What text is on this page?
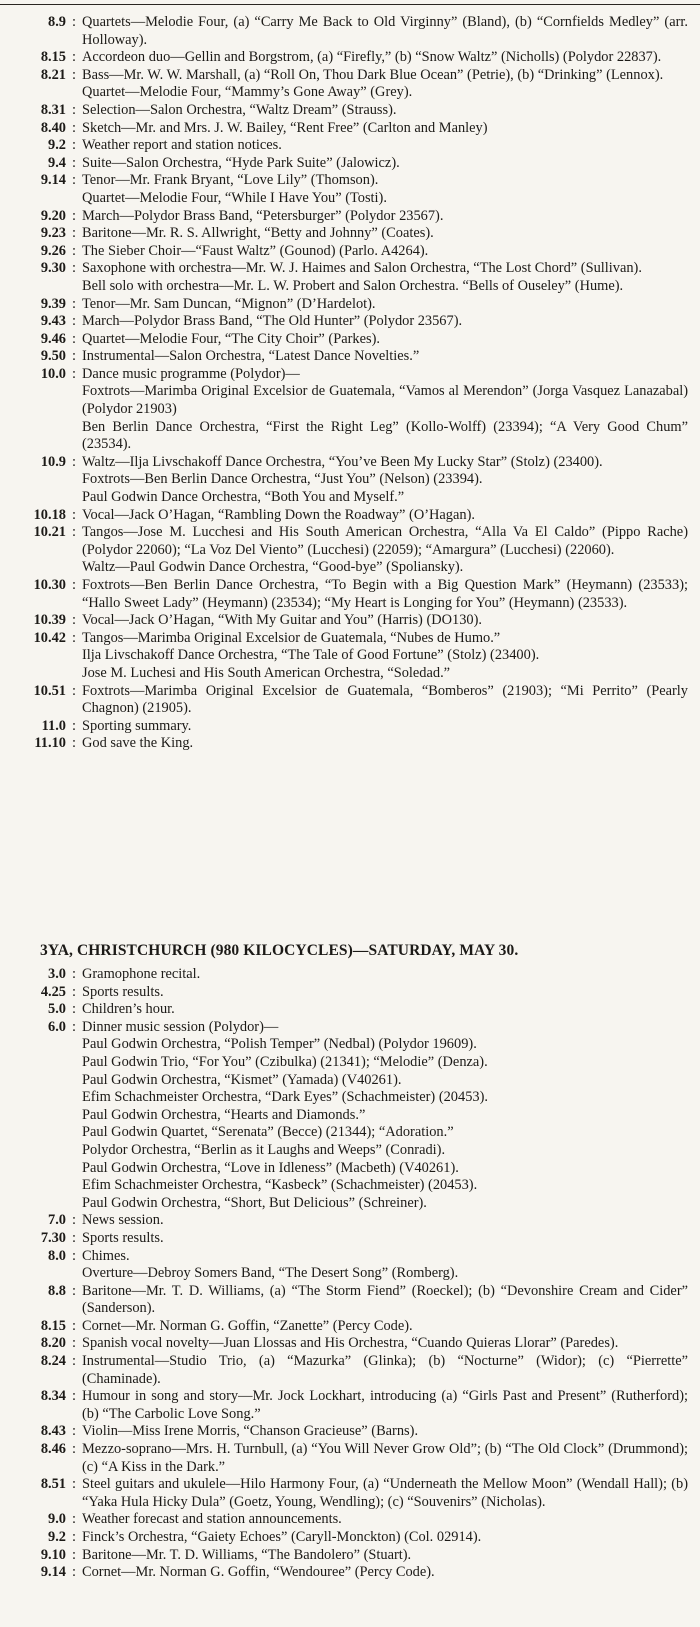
8.9 : Quartets—Melodie Four, (a) “Carry Me Back to Old Virginny” (Bland), (b) “Cornfields Medley” (arr. Holloway).
8.15 : Accordeon duo—Gellin and Borgstrom, (a) “Firefly,” (b) “Snow Waltz” (Nicholls) (Polydor 22837).
8.21 : Bass—Mr. W. W. Marshall, (a) “Roll On, Thou Dark Blue Ocean” (Petrie), (b) “Drinking” (Lennox).
Quartet—Melodie Four, “Mammy’s Gone Away” (Grey).
8.31 : Selection—Salon Orchestra, “Waltz Dream” (Strauss).
8.40 : Sketch—Mr. and Mrs. J. W. Bailey, “Rent Free” (Carlton and Manley)
9.2 : Weather report and station notices.
9.4 : Suite—Salon Orchestra, “Hyde Park Suite” (Jalowicz).
9.14 : Tenor—Mr. Frank Bryant, “Love Lily” (Thomson).
Quartet—Melodie Four, “While I Have You” (Tosti).
9.20 : March—Polydor Brass Band, “Petersburger” (Polydor 23567).
9.23 : Baritone—Mr. R. S. Allwright, “Betty and Johnny” (Coates).
9.26 : The Sieber Choir—“Faust Waltz” (Gounod) (Parlo. A4264).
9.30 : Saxophone with orchestra—Mr. W. J. Haimes and Salon Orchestra, “The Lost Chord” (Sullivan).
Bell solo with orchestra—Mr. L. W. Probert and Salon Orchestra. “Bells of Ouseley” (Hume).
9.39 : Tenor—Mr. Sam Duncan, “Mignon” (D’Hardelot).
9.43 : March—Polydor Brass Band, “The Old Hunter” (Polydor 23567).
9.46 : Quartet—Melodie Four, “The City Choir” (Parkes).
9.50 : Instrumental—Salon Orchestra, “Latest Dance Novelties.”
10.0 : Dance music programme (Polydor)—
Foxtrots—Marimba Original Excelsior de Guatemala, “Vamos al Merendon” (Jorga Vasquez Lanazabal) (Polydor 21903)
Ben Berlin Dance Orchestra, “First the Right Leg” (Kollo-Wolff) (23394); “A Very Good Chum” (23534).
10.9 : Waltz—Ilja Livschakoff Dance Orchestra, “You’ve Been My Lucky Star” (Stolz) (23400).
Foxtrots—Ben Berlin Dance Orchestra, “Just You” (Nelson) (23394).
Paul Godwin Dance Orchestra, “Both You and Myself.”
10.18 : Vocal—Jack O’Hagan, “Rambling Down the Roadway” (O’Hagan).
10.21 : Tangos—Jose M. Lucchesi and His South American Orchestra, “Alla Va El Caldo” (Pippo Rache) (Polydor 22060); “La Voz Del Viento” (Lucchesi) (22059); “Amargura” (Lucchesi) (22060).
Waltz—Paul Godwin Dance Orchestra, “Good-bye” (Spoliansky).
10.30 : Foxtrots—Ben Berlin Dance Orchestra, “To Begin with a Big Question Mark” (Heymann) (23533); “Hallo Sweet Lady” (Heymann) (23534); “My Heart is Longing for You” (Heymann) (23533).
10.39 : Vocal—Jack O’Hagan, “With My Guitar and You” (Harris) (DO130).
10.42 : Tangos—Marimba Original Excelsior de Guatemala, “Nubes de Humo.”
Ilja Livschakoff Dance Orchestra, “The Tale of Good Fortune” (Stolz) (23400).
Jose M. Luchesi and His South American Orchestra, “Soledad.”
10.51 : Foxtrots—Marimba Original Excelsior de Guatemala, “Bomberos” (21903); “Mi Perrito” (Pearly Chagnon) (21905).
11.0 : Sporting summary.
11.10 : God save the King.
3YA, CHRISTCHURCH (980 KILOCYCLES)—SATURDAY, MAY 30.
3.0 : Gramophone recital.
4.25 : Sports results.
5.0 : Children’s hour.
6.0 : Dinner music session (Polydor)—
Paul Godwin Orchestra, “Polish Temper” (Nedbal) (Polydor 19609).
Paul Godwin Trio, “For You” (Czibulka) (21341); “Melodie” (Denza).
Paul Godwin Orchestra, “Kismet” (Yamada) (V40261).
Efim Schachmeister Orchestra, “Dark Eyes” (Schachmeister) (20453).
Paul Godwin Orchestra, “Hearts and Diamonds.”
Paul Godwin Quartet, “Serenata” (Becce) (21344); “Adoration.”
Polydor Orchestra, “Berlin as it Laughs and Weeps” (Conradi).
Paul Godwin Orchestra, “Love in Idleness” (Macbeth) (V40261).
Efim Schachmeister Orchestra, “Kasbeck” (Schachmeister) (20453).
Paul Godwin Orchestra, “Short, But Delicious” (Schreiner).
7.0 : News session.
7.30 : Sports results.
8.0 : Chimes.
Overture—Debroy Somers Band, “The Desert Song” (Romberg).
8.8 : Baritone—Mr. T. D. Williams, (a) “The Storm Fiend” (Roeckel); (b) “Devonshire Cream and Cider” (Sanderson).
8.15 : Cornet—Mr. Norman G. Goffin, “Zanette” (Percy Code).
8.20 : Spanish vocal novelty—Juan Llossas and His Orchestra, “Cuando Quieras Llorar” (Paredes).
8.24 : Instrumental—Studio Trio, (a) “Mazurka” (Glinka); (b) “Nocturne” (Widor); (c) “Pierrette” (Chaminade).
8.34 : Humour in song and story—Mr. Jock Lockhart, introducing (a) “Girls Past and Present” (Rutherford); (b) “The Carbolic Love Song.”
8.43 : Violin—Miss Irene Morris, “Chanson Gracieuse” (Barns).
8.46 : Mezzo-soprano—Mrs. H. Turnbull, (a) “You Will Never Grow Old”; (b) “The Old Clock” (Drummond); (c) “A Kiss in the Dark.”
8.51 : Steel guitars and ukulele—Hilo Harmony Four, (a) “Underneath the Mellow Moon” (Wendall Hall); (b) “Yaka Hula Hicky Dula” (Goetz, Young, Wendling); (c) “Souvenirs” (Nicholas).
9.0 : Weather forecast and station announcements.
9.2 : Finck’s Orchestra, “Gaiety Echoes” (Caryll-Monckton) (Col. 02914).
9.10 : Baritone—Mr. T. D. Williams, “The Bandolero” (Stuart).
9.14 : Cornet—Mr. Norman G. Goffin, “Wendouree” (Percy Code).
